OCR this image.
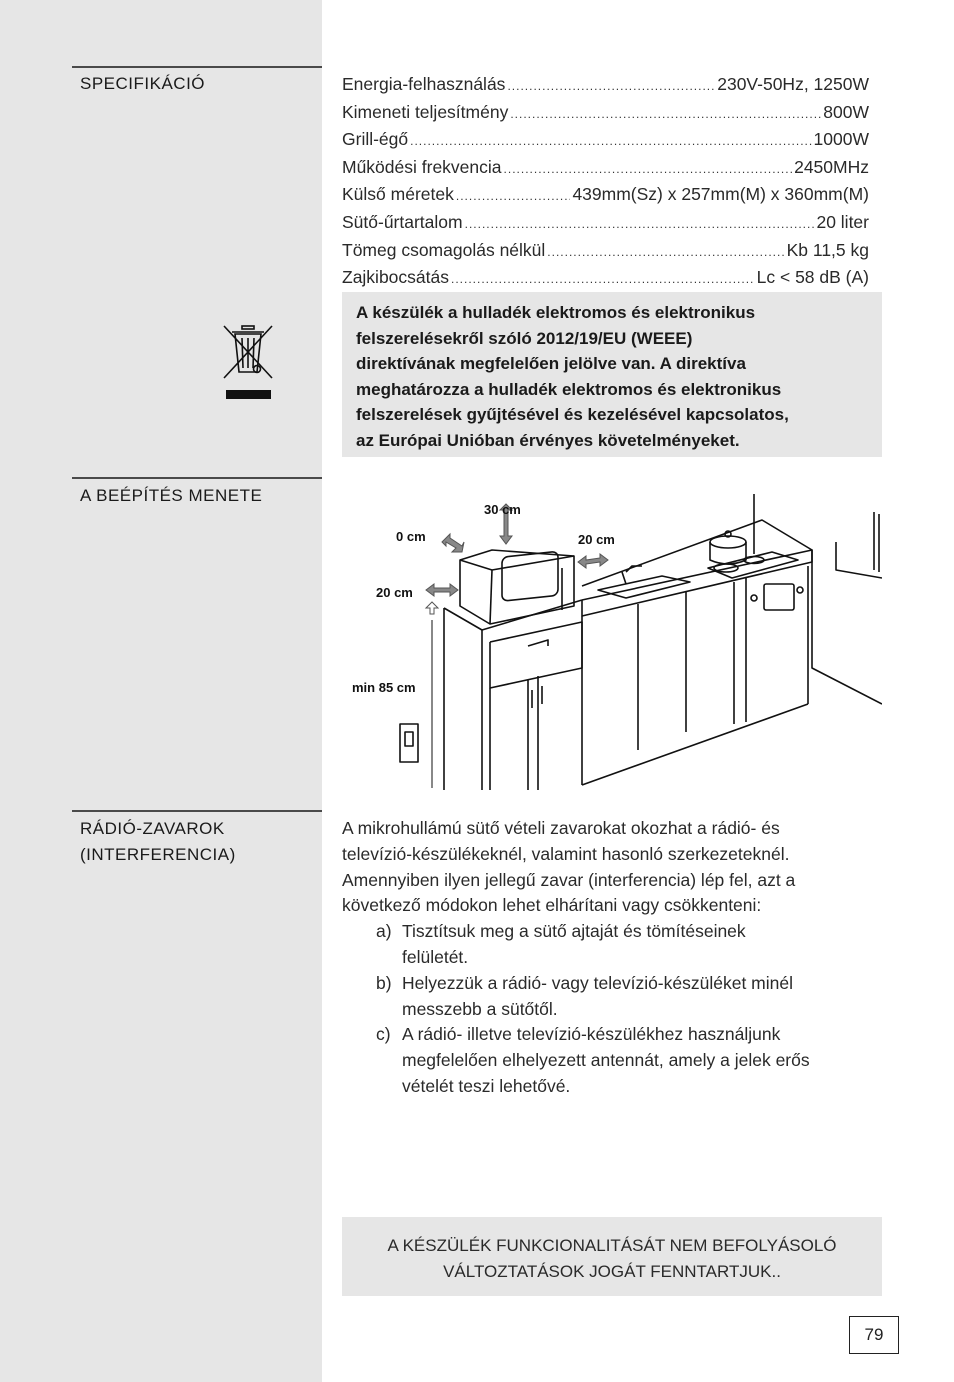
SPECIFIKÁCIÓ	Energia-felhasználás .....	230V-50Hz, 1250W
Kimeneti teljesítmény .....	800W
Grill-égő .....	1000W
Működési frekvencia .....	2450MHz
Külső méretek .....	439mm(Sz) x 257mm(M) x 360mm(M)
Sütő-űrtartalom .....	20 liter
Tömeg csomagolás nélkül .....	Kb 11,5 kg
Zajkibocsátás .....	Lc < 58 dB (A)
A készülék a hulladék elektromos és elektronikus
felszerelésekről szóló 2012/19/EU (WEEE)
direktívának megfelelően jelölve van. A direktíva
meghatározza a hulladék elektromos és elektronikus
felszerelések gyűjtésével és kezelésével kapcsolatos,
az Európai Unióban érvényes követelményeket.
A BEÉPÍTÉS MENETE
30 cm
0 cm	20 cm
20 cm
min 85 cm
RÁDIÓ-ZAVAROK
(INTERFERENCIA)
A mikrohullámú sütő vételi zavarokat okozhat a rádió- és
televízió-készülékeknél, valamint hasonló szerkezeteknél.
Amennyiben ilyen jellegű zavar (interferencia) lép fel, azt a
következő módokon lehet elhárítani vagy csökkenteni:
a) Tisztítsuk meg a sütő ajtaját és tömítéseinek
felületét.
b) Helyezzük a rádió- vagy televízió-készüléket minél
messzebb a sütőtől.
c) A rádió- illetve televízió-készülékhez használjunk
megfelelően elhelyezett antennát, amely a jelek erős
vételét teszi lehetővé.
A KÉSZÜLÉK FUNKCIONALITÁSÁT NEM BEFOLYÁSOLÓ
VÁLTOZTATÁSOK JOGÁT FENNTARTJUK..
79
